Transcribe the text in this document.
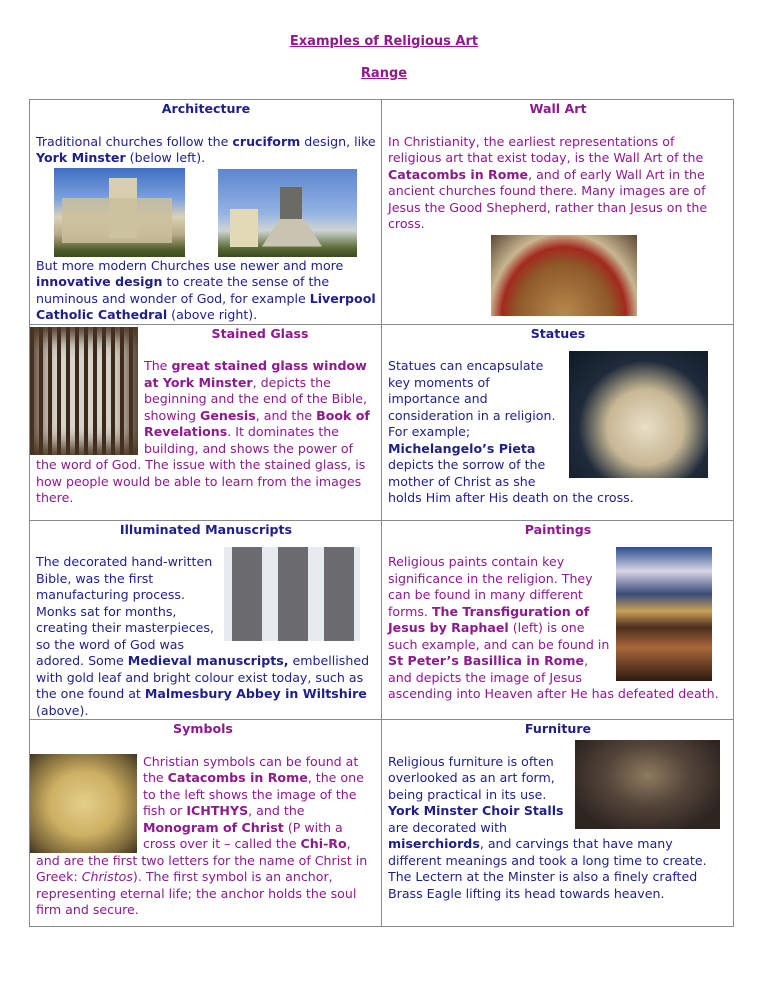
Examples of Religious Art
Range
Architecture

Traditional churches follow the cruciform design, like York Minster (below left).

But more modern Churches use newer and more innovative design to create the sense of the numinous and wonder of God, for example Liverpool Catholic Cathedral (above right).

Wall Art

In Christianity, the earliest representations of religious art that exist today, is the Wall Art of the Catacombs in Rome, and of early Wall Art in the ancient churches found there. Many images are of Jesus the Good Shepherd, rather than Jesus on the cross.

Stained Glass

The great stained glass window at York Minster, depicts the beginning and the end of the Bible, showing Genesis, and the Book of Revelations. It dominates the building, and shows the power of the word of God. The issue with the stained glass, is how people would be able to learn from the images there.

Statues

Statues can encapsulate key moments of importance and consideration in a religion. For example; Michelangelo’s Pieta depicts the sorrow of the mother of Christ as she holds Him after His death on the cross.

Illuminated Manuscripts

The decorated hand-written Bible, was the first manufacturing process. Monks sat for months, creating their masterpieces, so the word of God was adored. Some Medieval manuscripts, embellished with gold leaf and bright colour exist today, such as the one found at Malmesbury Abbey in Wiltshire (above).

Paintings

Religious paints contain key significance in the religion. They can be found in many different forms. The Transfiguration of Jesus by Raphael (left) is one such example, and can be found in St Peter’s Basillica in Rome, and depicts the image of Jesus ascending into Heaven after He has defeated death.

Symbols

Christian symbols can be found at the Catacombs in Rome, the one to the left shows the image of the fish or ICHTHYS, and the Monogram of Christ (P with a cross over it – called the Chi-Ro, and are the first two letters for the name of Christ in Greek: Christos). The first symbol is an anchor, representing eternal life; the anchor holds the soul firm and secure.

Furniture

Religious furniture is often overlooked as an art form, being practical in its use. York Minster Choir Stalls are decorated with miserchiords, and carvings that have many different meanings and took a long time to create. The Lectern at the Minster is also a finely crafted Brass Eagle lifting its head towards heaven.
